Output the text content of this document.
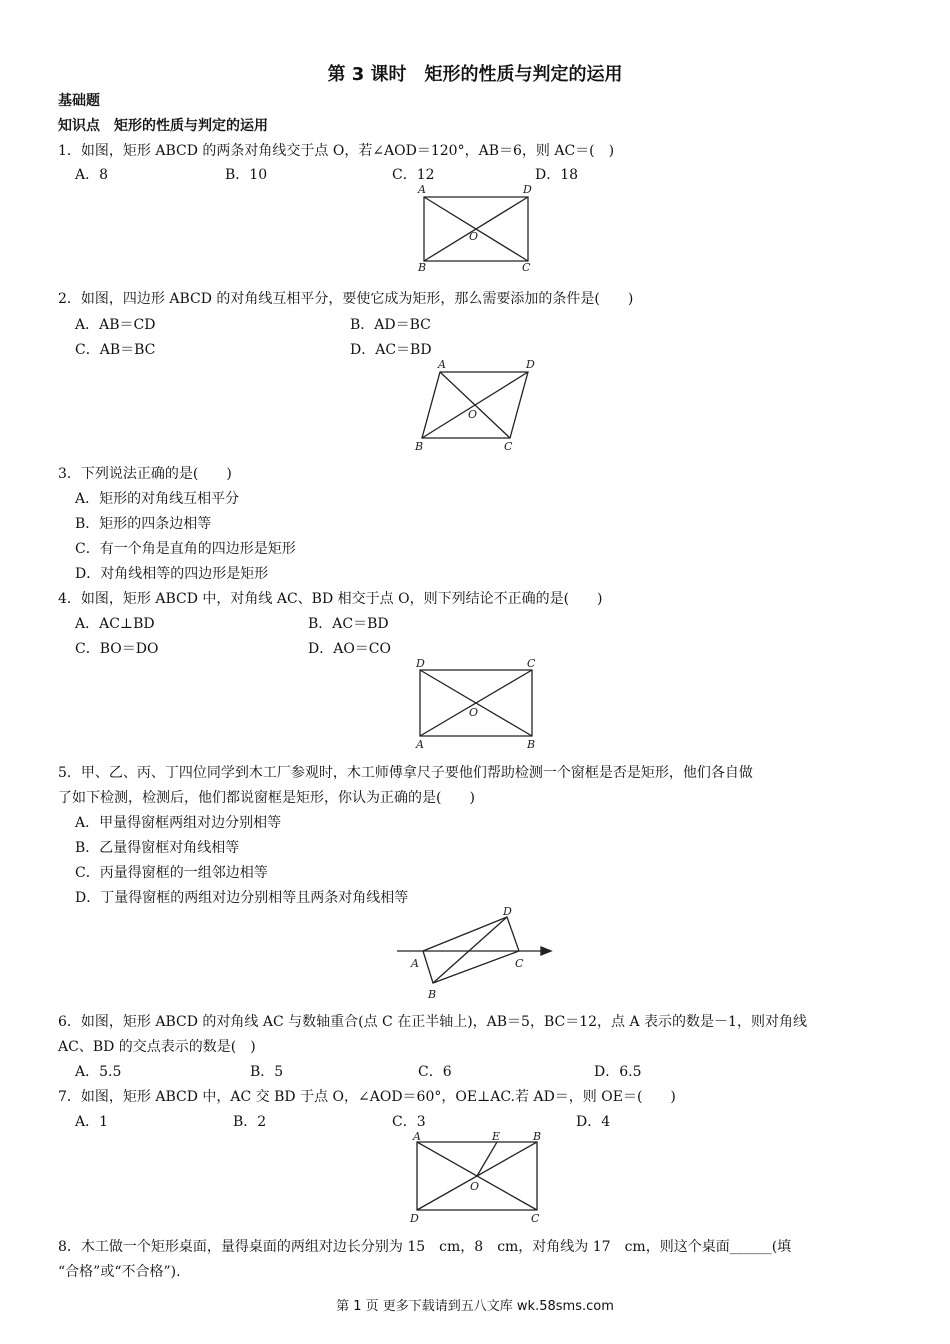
第 3 课时　矩形的性质与判定的运用
基础题
知识点　矩形的性质与判定的运用
1．如图，矩形 ABCD 的两条对角线交于点 O，若∠AOD＝120°，AB＝6，则 AC＝(　)
A．8	B．10	C．12	D．18
A	D
O
B	C
2．如图，四边形 ABCD 的对角线互相平分，要使它成为矩形，那么需要添加的条件是(　　)
A．AB＝CD	B．AD＝BC
C．AB＝BC	D．AC＝BD
A	D
O
B	C
3．下列说法正确的是(　　)
A．矩形的对角线互相平分
B．矩形的四条边相等
C．有一个角是直角的四边形是矩形
D．对角线相等的四边形是矩形
4．如图，矩形 ABCD 中，对角线 AC、BD 相交于点 O，则下列结论不正确的是(　　)
A．AC⊥BD	B．AC＝BD
C．BO＝DO	D．AO＝CO
D	C
O
A	B
5．甲、乙、丙、丁四位同学到木工厂参观时，木工师傅拿尺子要他们帮助检测一个窗框是否是矩形，他们各自做
了如下检测，检测后，他们都说窗框是矩形，你认为正确的是(　　)
A．甲量得窗框两组对边分别相等
B．乙量得窗框对角线相等
C．丙量得窗框的一组邻边相等
D．丁量得窗框的两组对边分别相等且两条对角线相等
D
A	C
B
6．如图，矩形 ABCD 的对角线 AC 与数轴重合(点 C 在正半轴上)，AB＝5，BC＝12，点 A 表示的数是－1，则对角线
AC、BD 的交点表示的数是(　)
A．5.5	B．5	C．6	D．6.5
7．如图，矩形 ABCD 中，AC 交 BD 于点 O，∠AOD＝60°，OE⊥AC.若 AD＝，则 OE＝(　　)
A．1	B．2	C．3	D．4
A	E	B
O
D	C
8．木工做一个矩形桌面，量得桌面的两组对边长分别为 15　cm，8　cm，对角线为 17　cm，则这个桌面______(填
“合格”或“不合格”).
第 1 页 更多下载请到五八文库 wk.58sms.com
